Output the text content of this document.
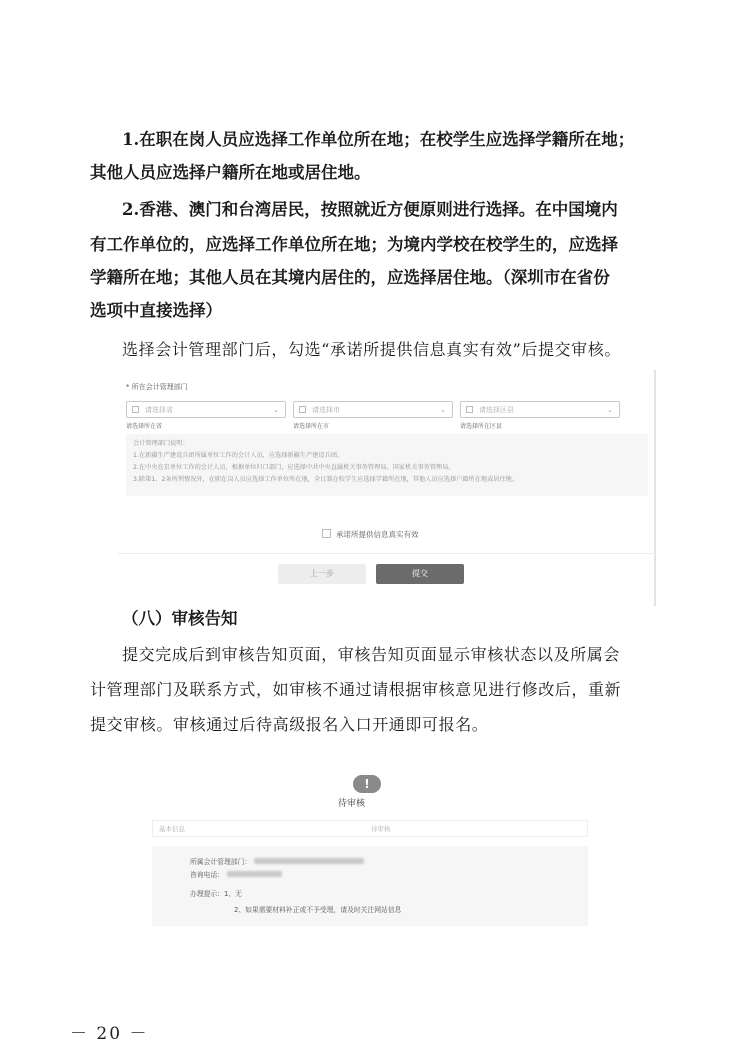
1.在职在岗人员应选择工作单位所在地；在校学生应选择学籍所在地；
其他人员应选择户籍所在地或居住地。
2.香港、澳门和台湾居民，按照就近方便原则进行选择。在中国境内
有工作单位的，应选择工作单位所在地；为境内学校在校学生的，应选择
学籍所在地；其他人员在其境内居住的，应选择居住地。（深圳市在省份
选项中直接选择）
选择会计管理部门后，勾选“承诺所提供信息真实有效”后提交审核。
* 所在会计管理部门
请选择省	⌄	请选择市	⌄	请选择区县	⌄
请选择所在省	请选择所在市	请选择所在区县
会计管理部门说明：
1.在新疆生产建设兵团所属单位工作的会计人员，应选择新疆生产建设兵团。
2.在中央在京单位工作的会计人员，根据单位归口部门，应选择中共中央直属机关事务管理局、国家机关事务管理局。
3.除第1、2条所列情况外，在职在岗人员应选择工作单位所在地，全日制在校学生应选择学籍所在地，其他人员应选择户籍所在地或居住地。
承诺所提供信息真实有效
上一步	提交
（八）审核告知
提交完成后到审核告知页面，审核告知页面显示审核状态以及所属会
计管理部门及联系方式，如审核不通过请根据审核意见进行修改后，重新
提交审核。审核通过后待高级报名入口开通即可报名。
!
待审核
基本信息	待审核
所属会计管理部门：
咨询电话：
办理提示：1、无
2、如果需要材料补正或不予受理，请及时关注网站信息
－ 20 －
